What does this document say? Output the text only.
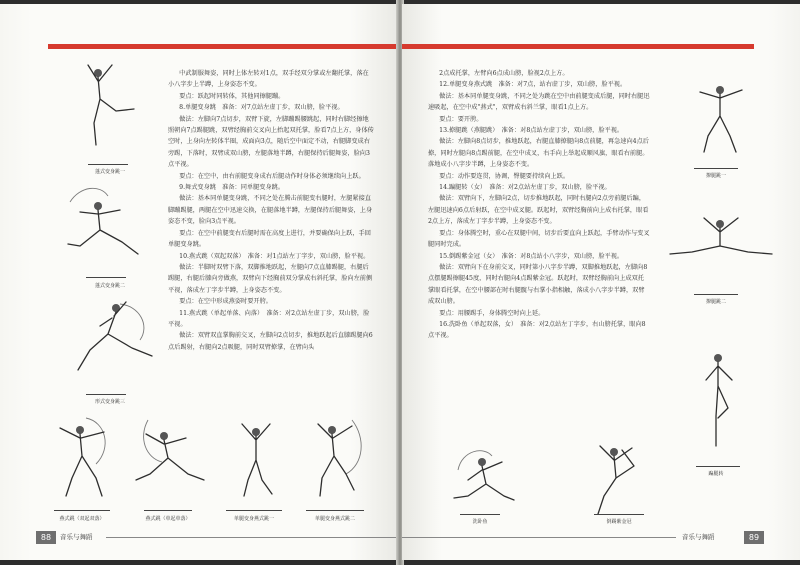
中武制服舞姿，同时上体左转对1点，双手经双分掌或左翻托掌，落在小八字步上半蹲，上身姿态不变。

要点：跃起时同转体，其他同擦腿蹦。

8.单腿变身跳　准备：对7点站左虚丁步，双山膀，脸平视。

做法：左脚向7点切步，双臂下旋，左脚蹦踢腰跳起，同时右脚经擦地照朝向7点踢腿跳，双臂经胸前交叉向上抬起双托掌，脸看7点上方，身体传空时，上身向左转体半圈，成面向3点，随后空中面定不动，右腿脚变成右旁踢，下落时，双臂成双山膀，左腿落地半蹲，右腿保持后腿舞姿，脸向3点平视。

要点：在空中，由右前腿变身成右后腿动作时身体必须继续向上跃。

9.舞式变身跳　准备：同单腿变身跳。

做法：基本同单腿变身跳，不同之处在腾击前腿变右腿时，左腿紧接直脚蹦踢腿，两腿在空中迅速交换，在腿落地半蹲，左腿保持后腿舞姿，上身姿态不变，脸向3点平视。

要点：在空中前腿变右后腿时需在高度上进行，并要确保向上跃，手回单腿变身跳。

10.燕式跳（双起双落）　准备：对1点站左丁字步，双山膀，脸平视。

做法：半脚时双臂下落，双脚推地跃起，左腿向7点直膝踢腿，右腿后踢腿，右腿后膝向旁做燕，双臂向下经胸前双分掌成右斜托掌，脸向左前侧平视，落成左丁字步半蹲，上身姿态不变。

要点：在空中形成燕姿时要开胯。

11.燕式跳（单起单落、向落）　准备：对2点站左虚丁步，双山膀，脸平视。

做法：双臂双直掌胸前交叉，左脚向2点切步，推地跃起后直膝踢腿向6点后踢射，右腿向2点吸腿，同时双臂撩掌，在臂向头

蓬式变身跳一
蓬式变身跳二
形式变身跳三
燕式跳（双起双落）	燕式跳（单起单落）	单腿变身燕式跳一	单腿变身燕式跳二
88	音乐与舞蹈

2点成托掌，左臂向6点成山膀，脸视2点上方。

12.单腿变身燕式跳　准备：对7点，站右虚丁步，双山膀，脸平视。

做法：基本同单腿变身跳，不同之处为跳在空中由前腿变成后腿，同时右腿迅速吸起，在空中成"燕式"，双臂成右斜兰掌，眼看1点上方。

要点：要开胯。

13.撩腿跳（燕腿跳）　准备：对8点站左虚丁步，双山膀，脸平视。

做法：左脚向8点切步，推地跃起，右腿直膝撩腿向8点前腿，再急速向4点后撩，同时左腿向8点踢前腿，在空中成叉，右手向上举起成顺风旗，眼看右前腿。落地成小八字步半蹲，上身姿态不变。

要点：动作要连贯，协调，臀腿要持续向上跃。

14.蹁腿转（女）　准备：对2点站左虚丁步，双山膀，脸平视。

做法：双臂向下，左脚向2点，切步推地跃起，同时右腿向2点旁前腿后蹁，左腿迅速向6点后射跃，在空中成叉腿。跃起时，双臂经胸前向上成右托掌，眼看2点上方，落成左丁字步半蹲，上身姿态不变。

要点：身体腾空时，重心在双腿中间，切步后要直向上跃起，手臂动作与变叉腿同时完成。

15.倒踢紫金冠（女）　准备：对8点站小八字步，双山膀，脸平视。

做法：双臂向下在身前交叉，同时第小八字步半蹲，双脚推地跃起，左脚向8点摆腿踢擦腿45度，同时右腿向4点踢紫金冠。跃起时，双臂经胸前向上成双托掌眼看托掌，在空中腰部在时右腿髋与右掌小指相触，落成小八字步半蹲，双臂成双山膀。

要点：用腰踢手，身体腾空时向上延。

16.洗卧鱼（单起双落，女）　准备：对2点站左丁字步，右山膀托掌，眼向8点平视。

撩腿跳一
撩腿跳二
蹁腿转
洗卧鱼	倒踢紫金冠
音乐与舞蹈	89
